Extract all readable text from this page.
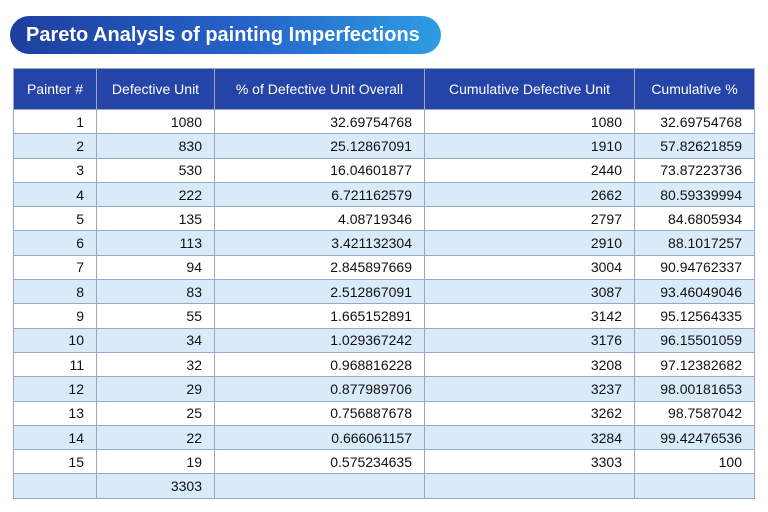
Pareto Analysls of painting Imperfections
Painter #	Defective Unit	% of Defective Unit Overall	Cumulative Defective Unit	Cumulative %
1	1080	32.69754768	1080	32.69754768
2	830	25.12867091	1910	57.82621859
3	530	16.04601877	2440	73.87223736
4	222	6.721162579	2662	80.59339994
5	135	4.08719346	2797	84.6805934
6	113	3.421132304	2910	88.1017257
7	94	2.845897669	3004	90.94762337
8	83	2.512867091	3087	93.46049046
9	55	1.665152891	3142	95.12564335
10	34	1.029367242	3176	96.15501059
11	32	0.968816228	3208	97.12382682
12	29	0.877989706	3237	98.00181653
13	25	0.756887678	3262	98.7587042
14	22	0.666061157	3284	99.42476536
15	19	0.575234635	3303	100
	3303			
